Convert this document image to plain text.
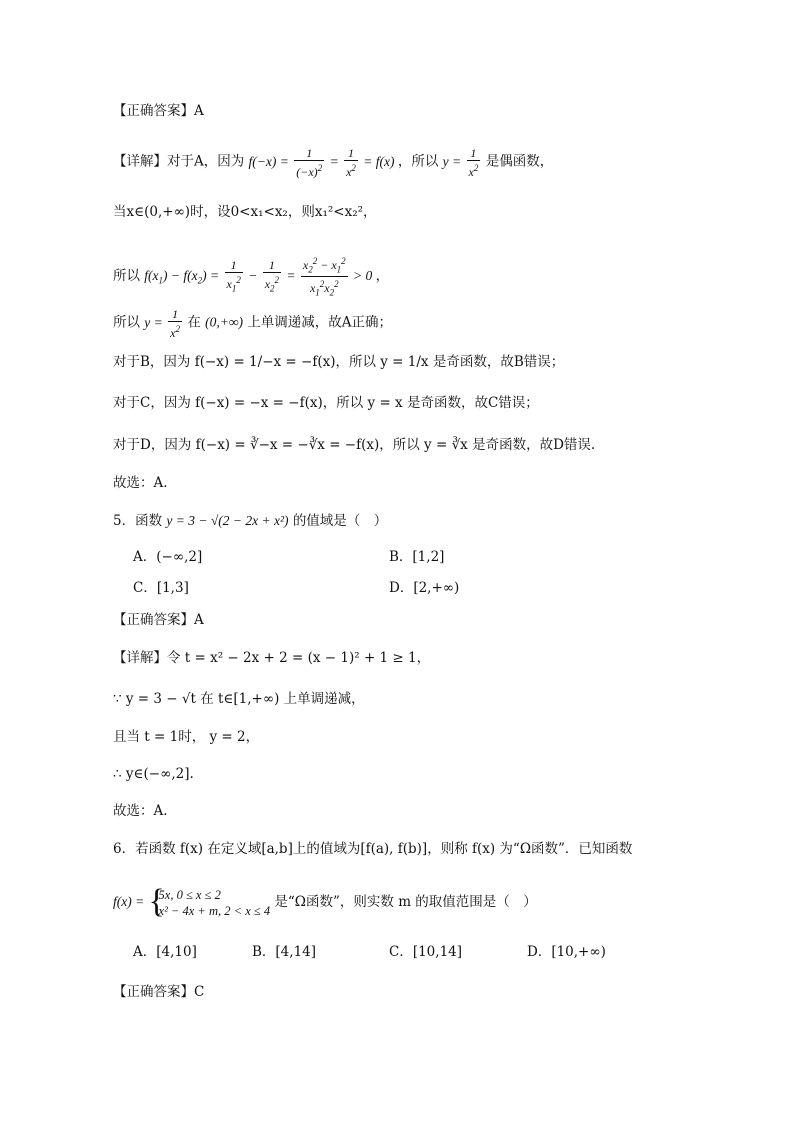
【正确答案】A
【详解】对于A，因为 $f(-x) = \frac{1}{(-x)^2} = \frac{1}{x^2} = f(x)$ ，所以 $y = \frac{1}{x^2}$ 是偶函数，
当x∈(0,+∞)时，设0<x₁<x₂，则x₁²<x₂²，
所以 $f(x_1) - f(x_2) = \frac{1}{x_1^2} - \frac{1}{x_2^2} = \frac{x_2^2 - x_1^2}{x_1^2x_2^2} > 0$ ，
所以 $y = \frac{1}{x^2}$ 在 (0,+∞) 上单调递减，故A正确；
对于B，因为 f(−x) = 1/−x = −f(x)，所以 y = 1/x 是奇函数，故B错误；
对于C，因为 f(−x) = −x = −f(x)，所以 y = x 是奇函数，故C错误；
对于D，因为 f(−x) = ∛−x = −∛x = −f(x)，所以 y = ∛x 是奇函数，故D错误.
故选：A.
5．函数 y = 3 − √(2 − 2x + x²) 的值域是（　）
A．(−∞,2]	B．[1,2]
C．[1,3]	D．[2,+∞)
【正确答案】A
【详解】令 t = x² − 2x + 2 = (x − 1)² + 1 ≥ 1，
∵ y = 3 − √t 在 t∈[1,+∞) 上单调递减，
且当 t = 1时， y = 2，
∴ y∈(−∞,2].
故选：A.
6．若函数 f(x) 在定义域[a,b]上的值域为[f(a), f(b)]，则称 f(x) 为“Ω函数”．已知函数
f(x) = {
5x, 0 ≤ x ≤ 2
x² − 4x + m, 2 < x ≤ 4
是“Ω函数”，则实数 m 的取值范围是（　）
A．[4,10]	B．[4,14]	C．[10,14]	D．[10,+∞)
【正确答案】C
